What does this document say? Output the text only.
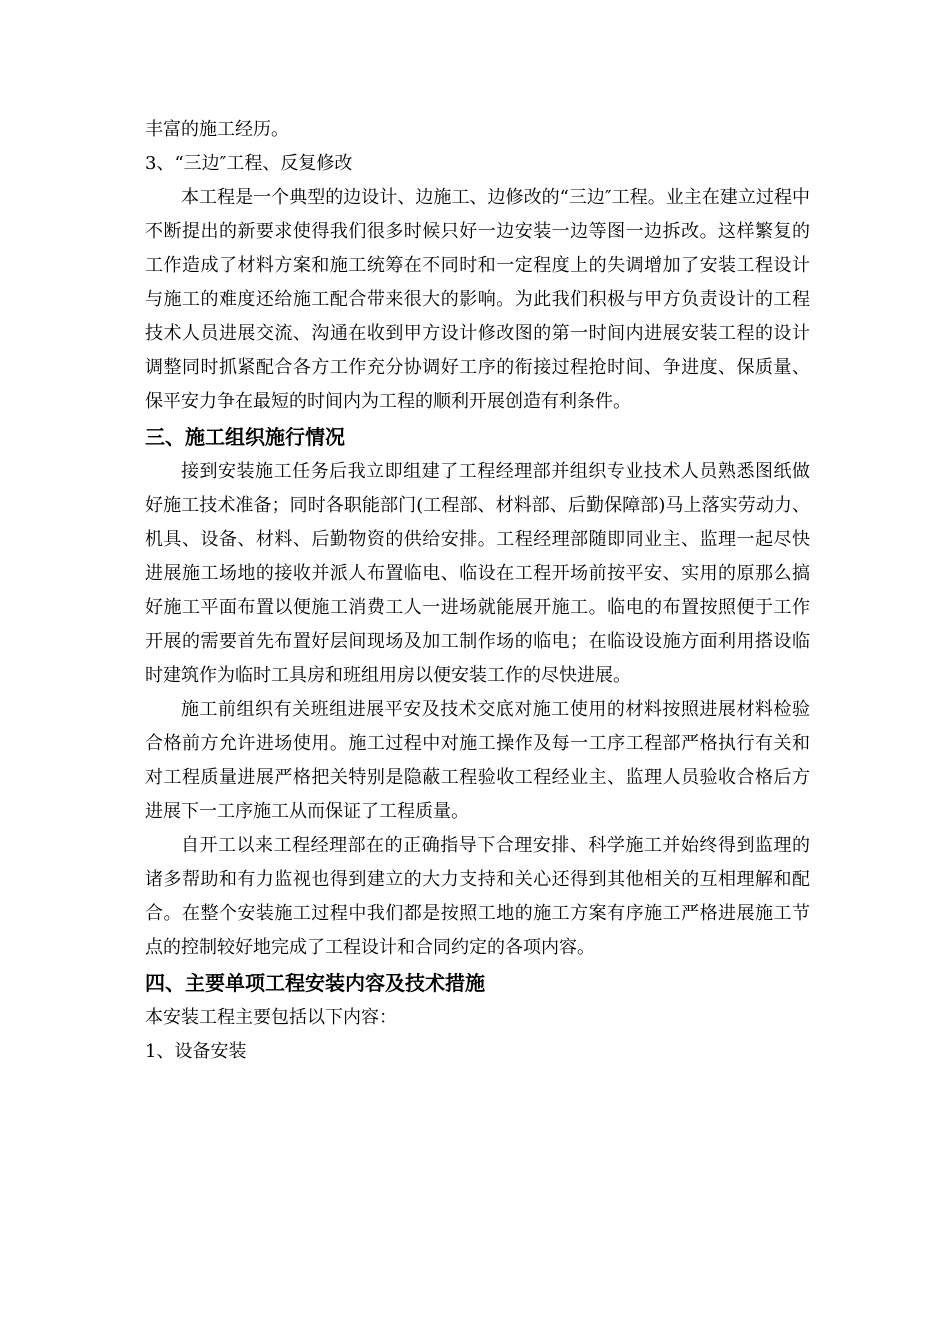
丰富的施工经历。
3、“三边″工程、反复修改

本工程是一个典型的边设计、边施工、边修改的“三边″工程。业主在建立过程中不断提出的新要求使得我们很多时候只好一边安装一边等图一边拆改。这样繁复的工作造成了材料方案和施工统筹在不同时和一定程度上的失调增加了安装工程设计与施工的难度还给施工配合带来很大的影响。为此我们积极与甲方负责设计的工程技术人员进展交流、沟通在收到甲方设计修改图的第一时间内进展安装工程的设计调整同时抓紧配合各方工作充分协调好工序的衔接过程抢时间、争进度、保质量、保平安力争在最短的时间内为工程的顺利开展创造有利条件。

三、施工组织施行情况

接到安装施工任务后我立即组建了工程经理部并组织专业技术人员熟悉图纸做好施工技术准备；同时各职能部门(工程部、材料部、后勤保障部)马上落实劳动力、机具、设备、材料、后勤物资的供给安排。工程经理部随即同业主、监理一起尽快进展施工场地的接收并派人布置临电、临设在工程开场前按平安、实用的原那么搞好施工平面布置以便施工消费工人一进场就能展开施工。临电的布置按照便于工作开展的需要首先布置好层间现场及加工制作场的临电；在临设设施方面利用搭设临时建筑作为临时工具房和班组用房以便安装工作的尽快进展。

施工前组织有关班组进展平安及技术交底对施工使用的材料按照进展材料检验合格前方允许进场使用。施工过程中对施工操作及每一工序工程部严格执行有关和对工程质量进展严格把关特别是隐蔽工程验收工程经业主、监理人员验收合格后方进展下一工序施工从而保证了工程质量。

自开工以来工程经理部在的正确指导下合理安排、科学施工并始终得到监理的诸多帮助和有力监视也得到建立的大力支持和关心还得到其他相关的互相理解和配合。在整个安装施工过程中我们都是按照工地的施工方案有序施工严格进展施工节点的控制较好地完成了工程设计和合同约定的各项内容。

四、主要单项工程安装内容及技术措施

本安装工程主要包括以下内容：

1、设备安装
